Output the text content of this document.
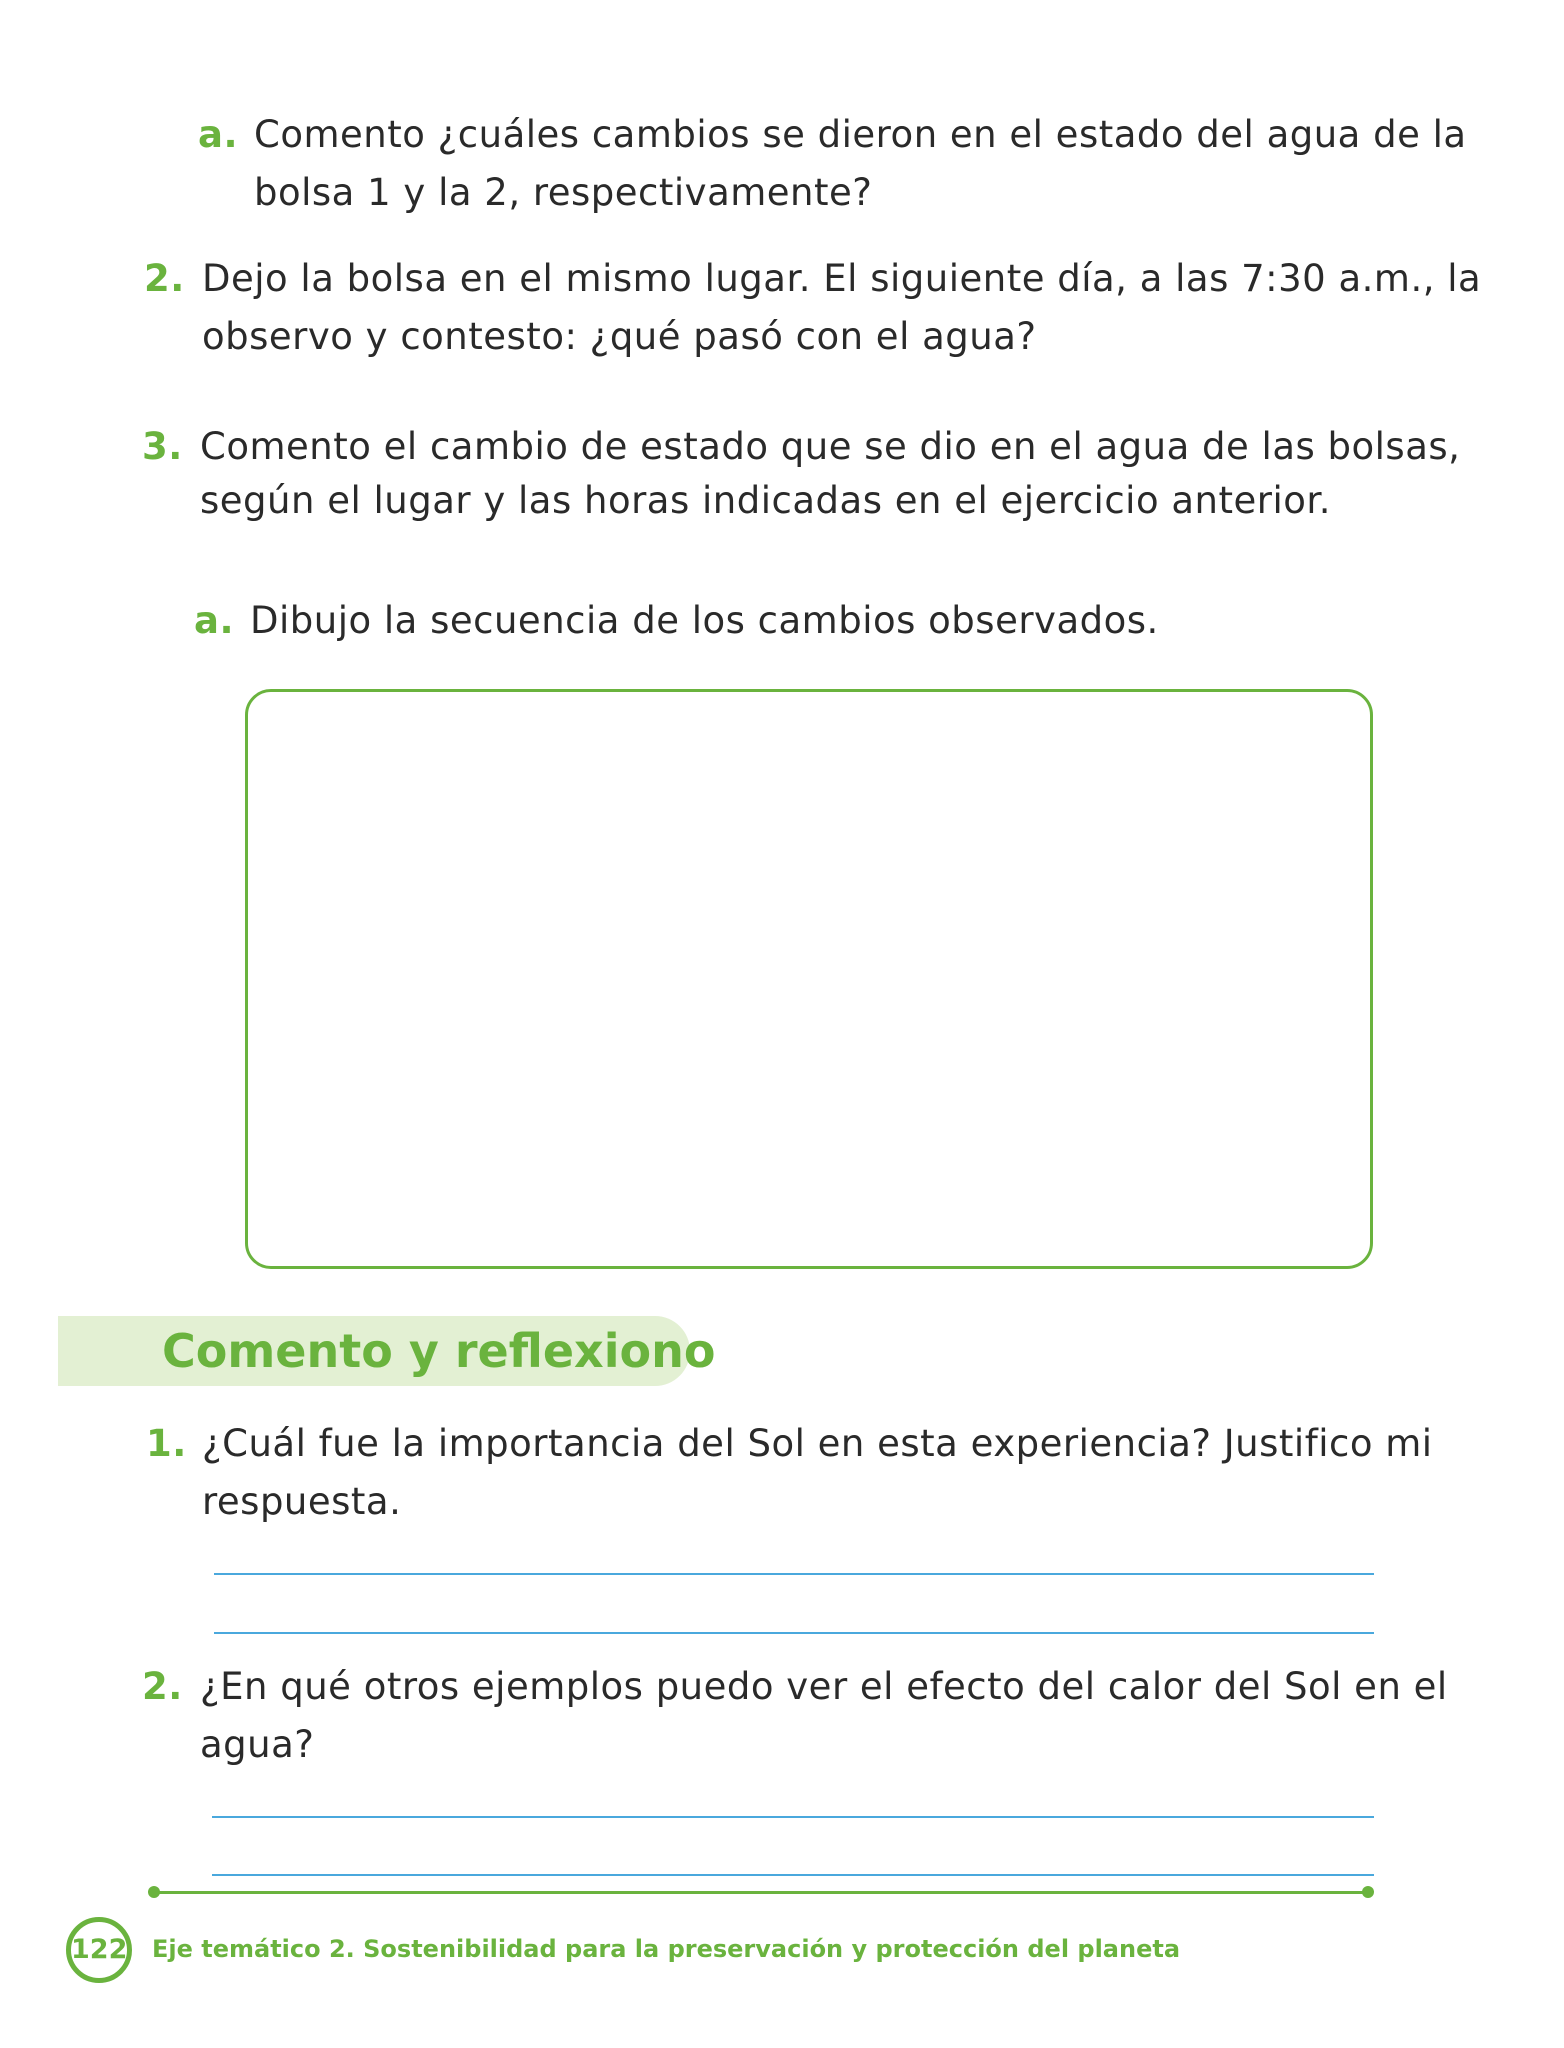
a. Comento ¿cuáles cambios se dieron en el estado del agua de la
bolsa 1 y la 2, respectivamente?
2. Dejo la bolsa en el mismo lugar. El siguiente día, a las 7:30 a.m., la
observo y contesto: ¿qué pasó con el agua?
3. Comento el cambio de estado que se dio en el agua de las bolsas,
según el lugar y las horas indicadas en el ejercicio anterior.
a. Dibujo la secuencia de los cambios observados.
Comento y reflexiono
1. ¿Cuál fue la importancia del Sol en esta experiencia? Justifico mi
respuesta.
2. ¿En qué otros ejemplos puedo ver el efecto del calor del Sol en el
agua?
122 Eje temático 2. Sostenibilidad para la preservación y protección del planeta
